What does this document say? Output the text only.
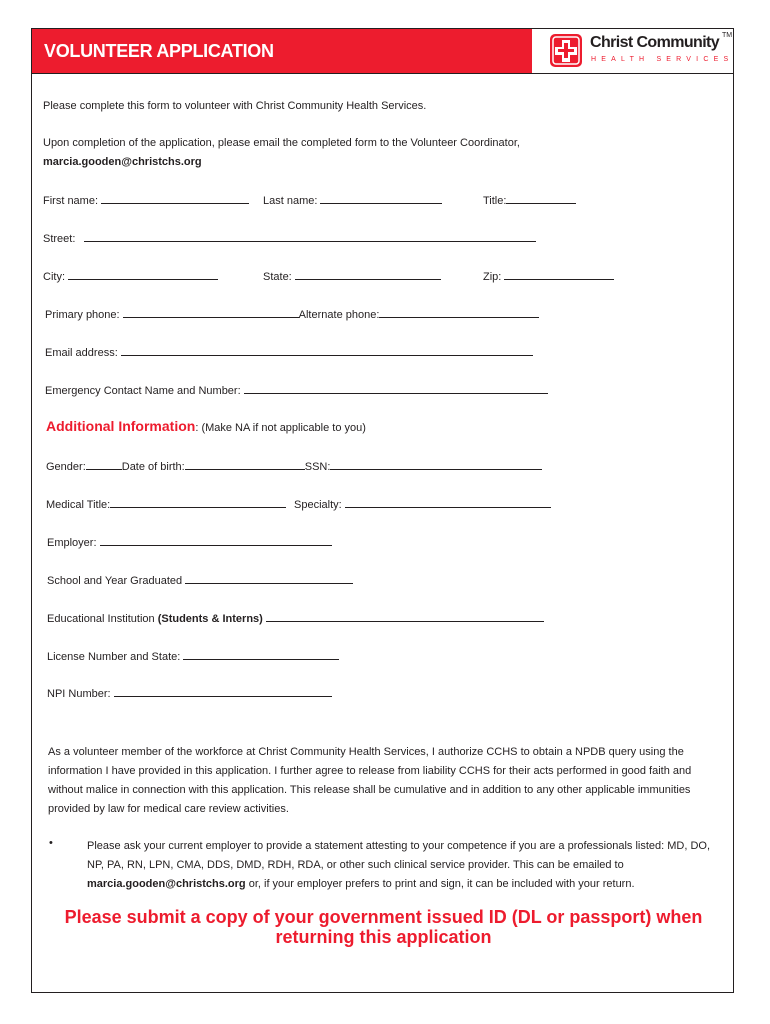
VOLUNTEER APPLICATION	Christ Community TM
HEALTH SERVICES
Please complete this form to volunteer with Christ Community Health Services.
Upon completion of the application, please email the completed form to the Volunteer Coordinator,
marcia.gooden@christchs.org
First name:	Last name:	Title:
Street:
City:	State:	Zip:
Primary phone:	Alternate phone:
Email address:
Emergency Contact Name and Number:
Additional Information: (Make NA if not applicable to you)
Gender:	Date of birth:	SSN:
Medical Title:	Specialty:
Employer:
School and Year Graduated
Educational Institution (Students & Interns)
License Number and State:
NPI Number:
As a volunteer member of the workforce at Christ Community Health Services, I authorize CCHS to obtain a NPDB query using the information I have provided in this application. I further agree to release from liability CCHS for their acts performed in good faith and without malice in connection with this application. This release shall be cumulative and in addition to any other applicable immunities provided by law for medical care review activities.
•	Please ask your current employer to provide a statement attesting to your competence if you are a professionals listed: MD, DO, NP, PA, RN, LPN, CMA, DDS, DMD, RDH, RDA, or other such clinical service provider. This can be emailed to
marcia.gooden@christchs.org or, if your employer prefers to print and sign, it can be included with your return.
Please submit a copy of your government issued ID (DL or passport) when
returning this application
